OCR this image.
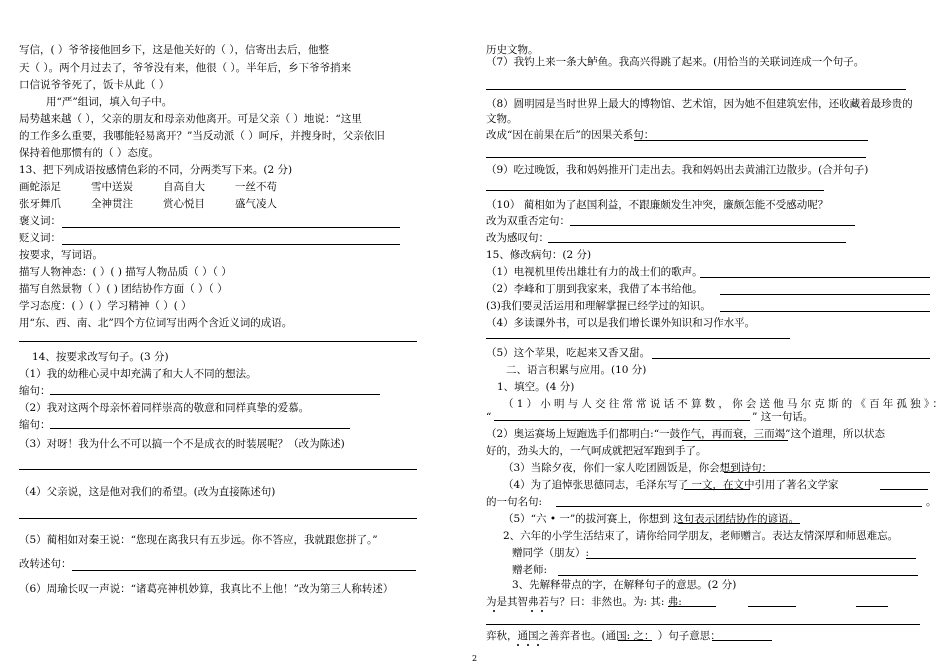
写信，( ）爷爷接他回乡下，这是他关好的（ ），信寄出去后，他整
天（ ）。两个月过去了，爷爷没有来，他很（ ）。半年后，乡下爷爷捎来
口信说爷爷死了，饭卡从此（ ）
用“严”组词，填入句子中。
局势越来越（ ），父亲的朋友和母亲劝他离开。可是父亲（ ）地说：“这里
的工作多么重要，我哪能轻易离开？”当反动派（ ）呵斥，并搜身时，父亲依旧
保持着他那惯有的（ ）态度。
13、把下列成语按感情色彩的不同，分两类写下来。(2 分)
画蛇添足	雪中送炭	自高自大	一丝不苟
张牙舞爪	全神贯注	赏心悦目	盛气凌人
褒义词：
贬义词：
按要求，写词语。
描写人物神态：( ）( ) 描写人物品质（ ）（ ）
描写自然景物（ ）( ) 团结协作方面（ ）（ ）
学习态度：( ）( ）学习精神（ ）( ）
用“东、西、南、北”四个方位词写出两个含近义词的成语。
14、按要求改写句子。(3 分)
（1）我的幼稚心灵中却充满了和大人不同的想法。
缩句：
（2）我对这两个母亲怀着同样崇高的敬意和同样真挚的爱慕。
缩句：
（3）对呀！我为什么不可以搞一个不是成衣的时装展呢？（改为陈述)
（4）父亲说，这是他对我们的希望。(改为直接陈述句)
（5）蔺相如对秦王说：“您现在离我只有五步远。你不答应，我就跟您拼了。”
改转述句：
（6）周瑜长叹一声说：“诸葛亮神机妙算，我真比不上他！”改为第三人称转述）
历史文物。
（7）我钓上来一条大鲈鱼。我高兴得跳了起来。(用恰当的关联词连成一个句子。
（8）圆明园是当时世界上最大的博物馆、艺术馆，因为她不但建筑宏伟，还收藏着最珍贵的
文物。
改成“因在前果在后”的因果关系句：
（9）吃过晚饭，我和妈妈推开门走出去。我和妈妈出去黄浦江边散步。(合并句子)
（10） 蔺相如为了赵国利益，不跟廉颇发生冲突，廉颇怎能不受感动呢？
改为双重否定句：
改为感叹句：
15、修改病句：(2 分)
（1）电视机里传出雄壮有力的战士们的歌声。
（2）李峰和丁朋到我家来，我借了本书给他。
(3)我们要灵活运用和理解掌握已经学过的知识。
（4）多读课外书，可以是我们增长课外知识和习作水平。
（5）这个苹果，吃起来又香又甜。
二、语言积累与应用。(10 分)
1、填空。(4 分)
（1）小明与人交往常常说话不算数，你会送他马尔克斯的《百年孤独》：
“	” 这一句话。
（2）奥运赛场上短跑选手们都明白:“一鼓作气，再而衰，三而竭”这个道理，所以状态
好的，劲头大的，一气呵成就把冠军跑到手了。
（3）当除夕夜，你们一家人吃团圆饭是，你会想到诗句：
（4）为了追悼张思德同志，毛泽东写了 一文，在文中引用了著名文学家
的一句名句:	。
（5）“六 • 一”的拔河赛上，你想到 这句表示团结协作的谚语。
2、六年的小学生活结束了，请你给同学朋友，老师赠言。表达友情深厚和师恩难忘。
赠同学（朋友）:
赠老师:
3、先解释带点的字，在解释句子的意思。(2 分)
为是其智弗若与？曰：非然也。为: 其: 弗:
弈秋，通国之善弈者也。(通国: 之： ）句子意思：
2
